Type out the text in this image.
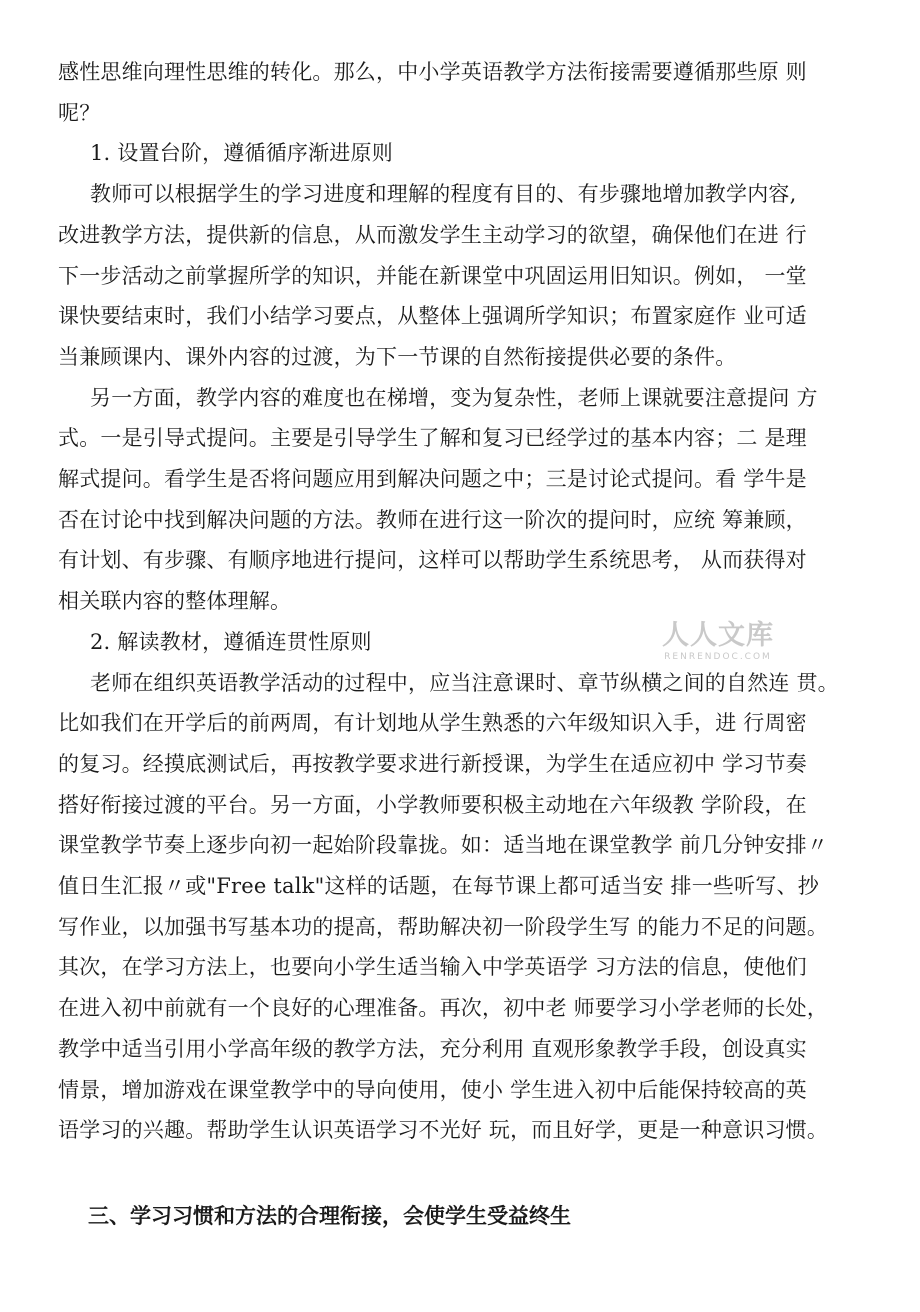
感性思维向理性思维的转化。那么，中小学英语教学方法衔接需要遵循那些原 则
呢？
1. 设置台阶，遵循循序渐进原则
教师可以根据学生的学习进度和理解的程度有目的、有步骤地增加教学内容,
改进教学方法，提供新的信息，从而激发学生主动学习的欲望，确保他们在进 行
下一步活动之前掌握所学的知识，并能在新课堂中巩固运用旧知识。例如， 一堂
课快要结束时，我们小结学习要点，从整体上强调所学知识；布置家庭作 业可适
当兼顾课内、课外内容的过渡，为下一节课的自然衔接提供必要的条件。
另一方面，教学内容的难度也在梯增，变为复杂性，老师上课就要注意提问 方
式。一是引导式提问。主要是引导学生了解和复习已经学过的基本内容；二 是理
解式提问。看学生是否将问题应用到解决问题之中；三是讨论式提问。看 学牛是
否在讨论中找到解决问题的方法。教师在进行这一阶次的提问时，应统 筹兼顾，
有计划、有步骤、有顺序地进行提问，这样可以帮助学生系统思考， 从而获得对
相关联内容的整体理解。
2. 解读教材，遵循连贯性原则
老师在组织英语教学活动的过程中，应当注意课时、章节纵横之间的自然连 贯。
比如我们在开学后的前两周，有计划地从学生熟悉的六年级知识入手，进 行周密
的复习。经摸底测试后，再按教学要求进行新授课，为学生在适应初中 学习节奏
搭好衔接过渡的平台。另一方面，小学教师要积极主动地在六年级教 学阶段，在
课堂教学节奏上逐步向初一起始阶段靠拢。如：适当地在课堂教学 前几分钟安排〃
值日生汇报〃或"Free talk"这样的话题，在每节课上都可适当安 排一些听写、抄
写作业，以加强书写基本功的提高，帮助解决初一阶段学生写 的能力不足的问题。
其次，在学习方法上，也要向小学生适当输入中学英语学 习方法的信息，使他们
在进入初中前就有一个良好的心理准备。再次，初中老 师要学习小学老师的长处，
教学中适当引用小学高年级的教学方法，充分利用 直观形象教学手段，创设真实
情景，增加游戏在课堂教学中的导向使用，使小 学生进入初中后能保持较高的英
语学习的兴趣。帮助学生认识英语学习不光好 玩，而且好学，更是一种意识习惯。
三、学习习惯和方法的合理衔接，会使学生受益终生
人人文库
RENRENDOC.COM
